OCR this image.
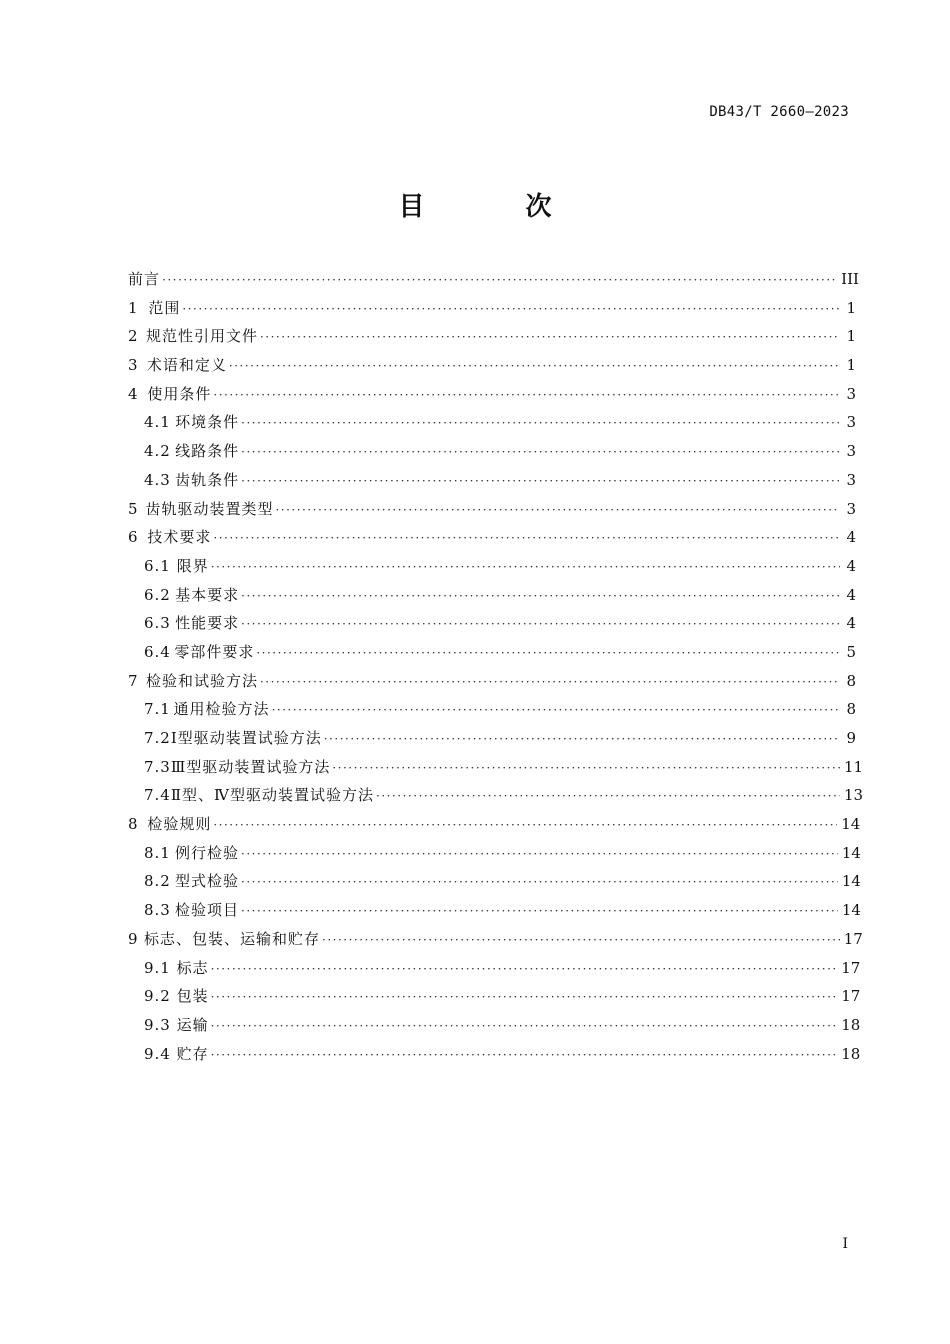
DB43/T 2660—2023
目 次
前言 ·····	III
1 范围 ·····	1
2 规范性引用文件 ·····	1
3 术语和定义 ·····	1
4 使用条件 ·····	3
4.1 环境条件 ·····	3
4.2 线路条件 ·····	3
4.3 齿轨条件 ·····	3
5 齿轨驱动装置类型 ·····	3
6 技术要求 ·····	4
6.1 限界 ·····	4
6.2 基本要求 ·····	4
6.3 性能要求 ·····	4
6.4 零部件要求 ·····	5
7 检验和试验方法 ·····	8
7.1 通用检验方法 ·····	8
7.2 Ⅰ型驱动装置试验方法 ·····	9
7.3 Ⅲ型驱动装置试验方法 ·····	11
7.4 Ⅱ型、Ⅳ型驱动装置试验方法 ·····	13
8 检验规则 ·····	14
8.1 例行检验 ·····	14
8.2 型式检验 ·····	14
8.3 检验项目 ·····	14
9 标志、包装、运输和贮存 ·····	17
9.1 标志 ·····	17
9.2 包装 ·····	17
9.3 运输 ·····	18
9.4 贮存 ·····	18
I
